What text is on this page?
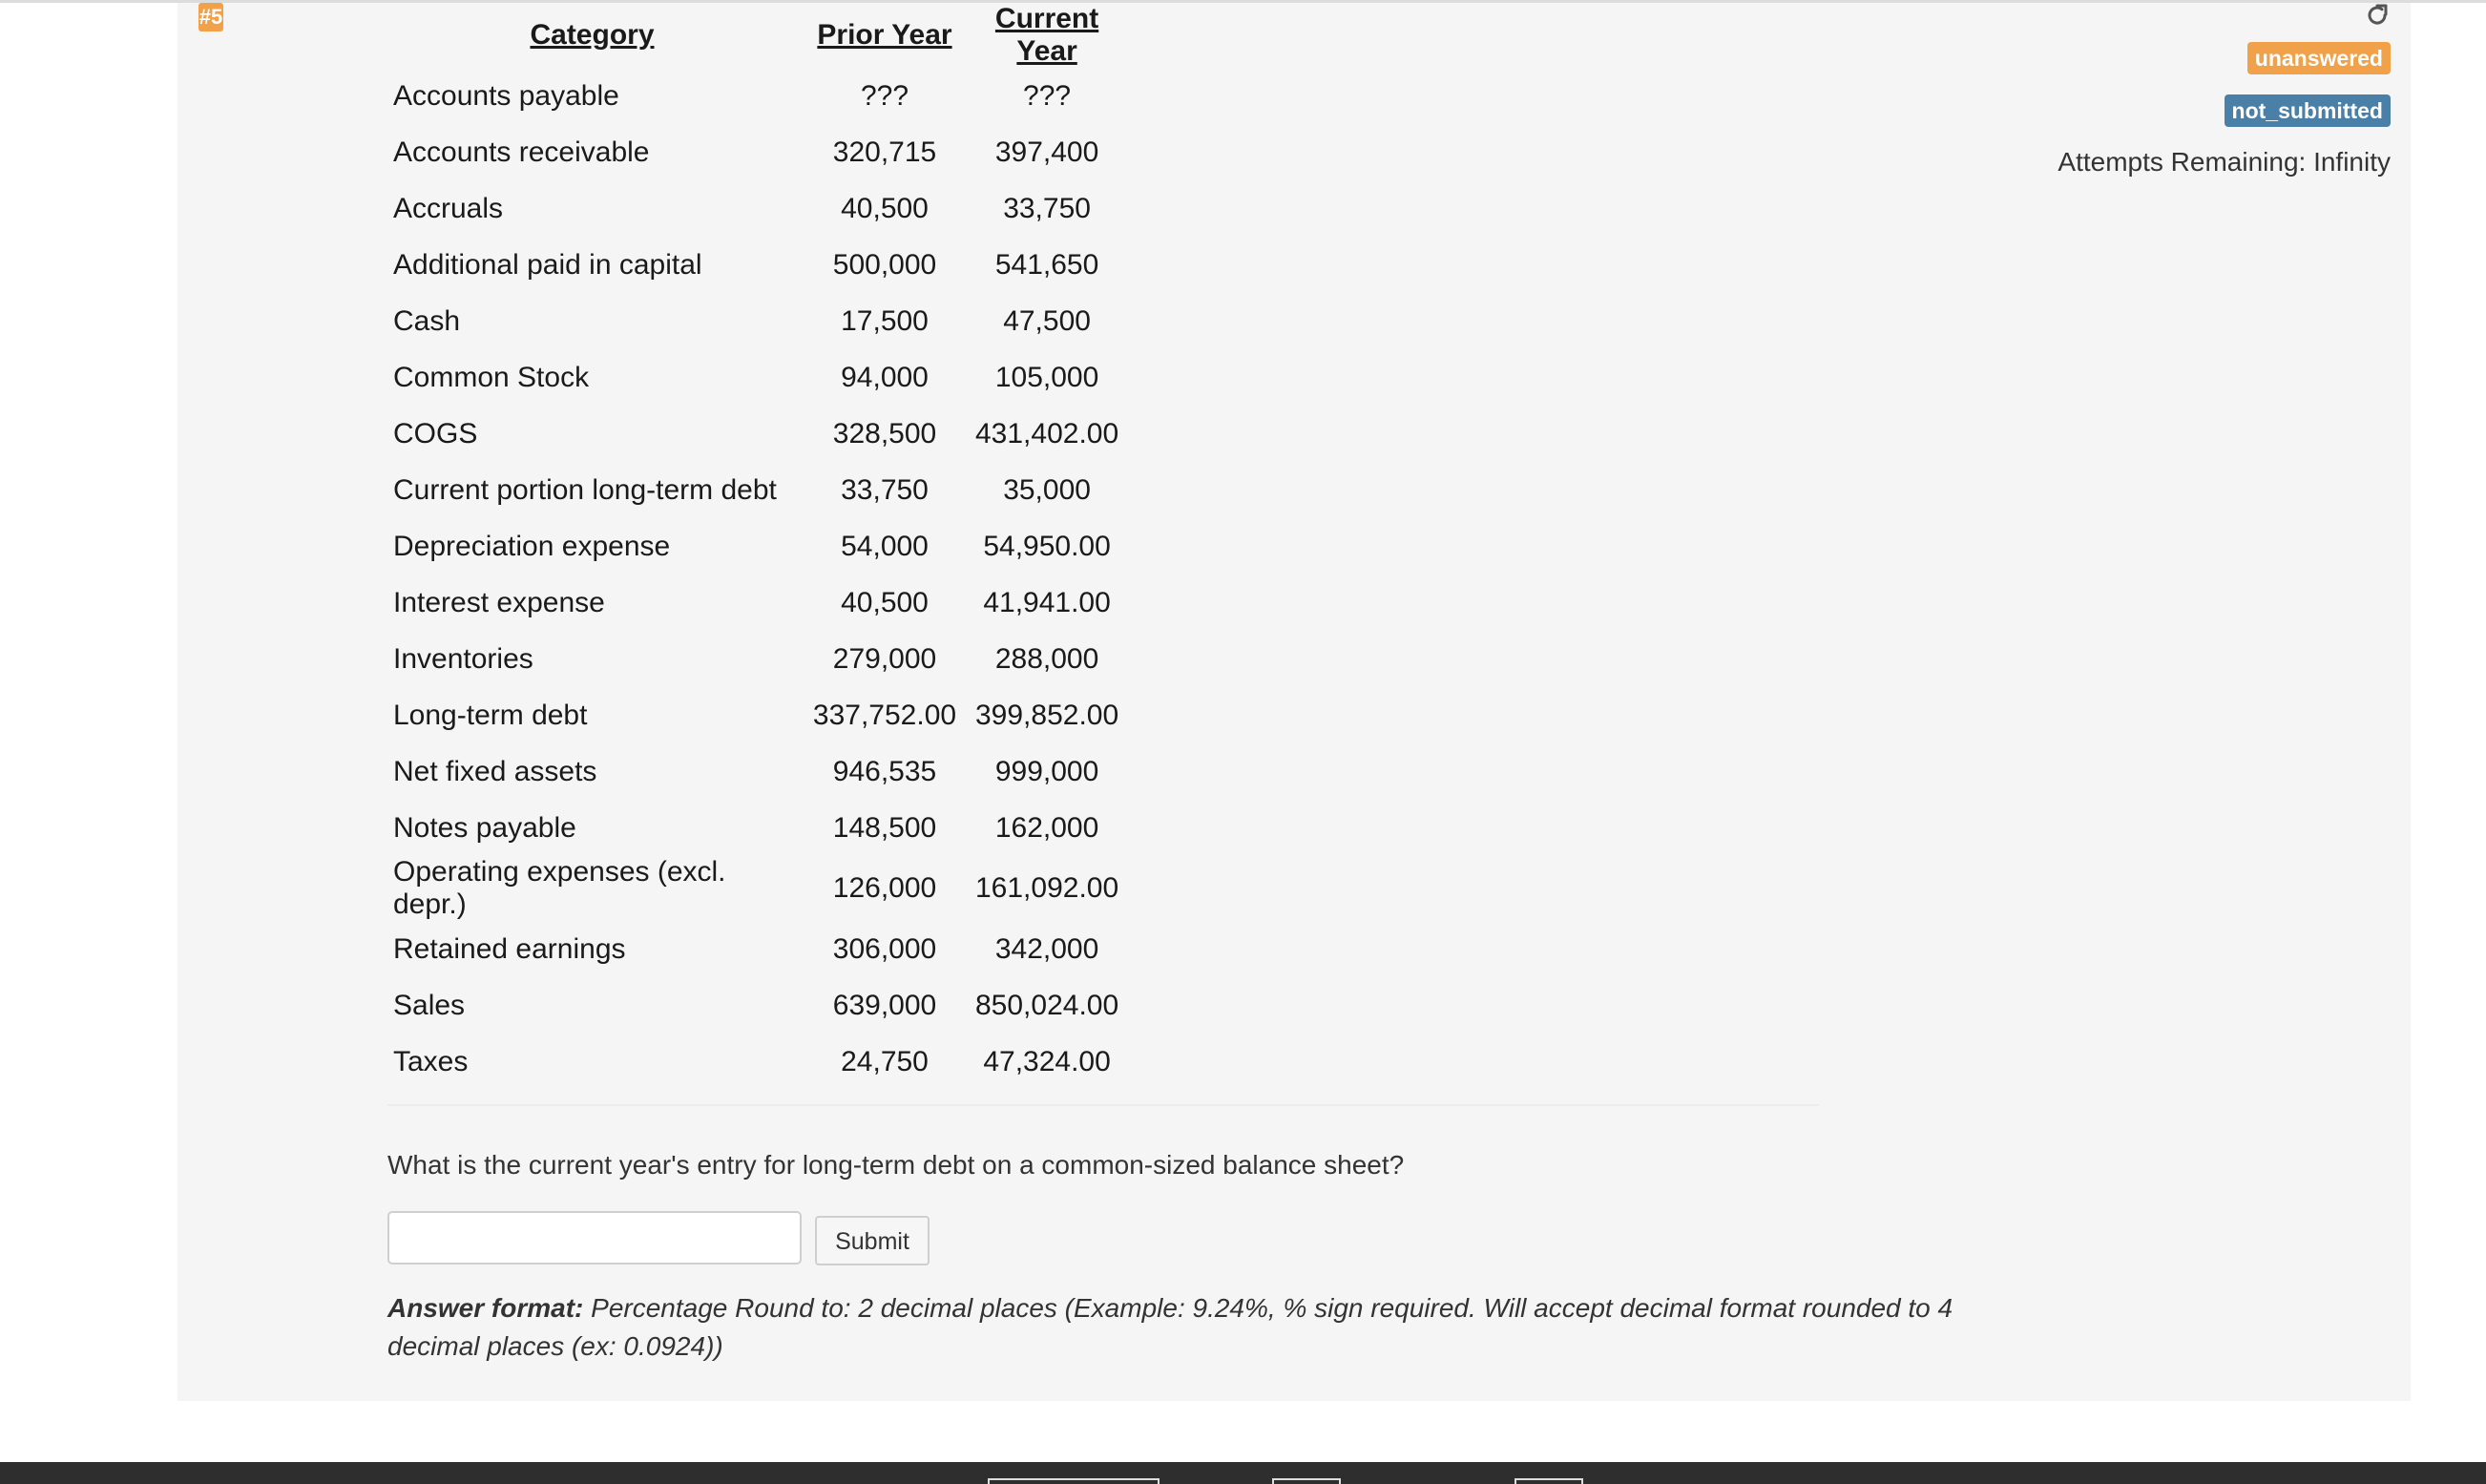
#5
Category	Prior Year	Current Year
Accounts payable	???	???
Accounts receivable	320,715	397,400
Accruals	40,500	33,750
Additional paid in capital	500,000	541,650
Cash	17,500	47,500
Common Stock	94,000	105,000
COGS	328,500	431,402.00
Current portion long-term debt	33,750	35,000
Depreciation expense	54,000	54,950.00
Interest expense	40,500	41,941.00
Inventories	279,000	288,000
Long-term debt	337,752.00	399,852.00
Net fixed assets	946,535	999,000
Notes payable	148,500	162,000
Operating expenses (excl. depr.)	126,000	161,092.00
Retained earnings	306,000	342,000
Sales	639,000	850,024.00
Taxes	24,750	47,324.00
What is the current year's entry for long-term debt on a common-sized balance sheet?
Submit
Answer format: Percentage Round to: 2 decimal places (Example: 9.24%, % sign required. Will accept decimal format rounded to 4 decimal places (ex: 0.0924))
unanswered
not_submitted
Attempts Remaining: Infinity
